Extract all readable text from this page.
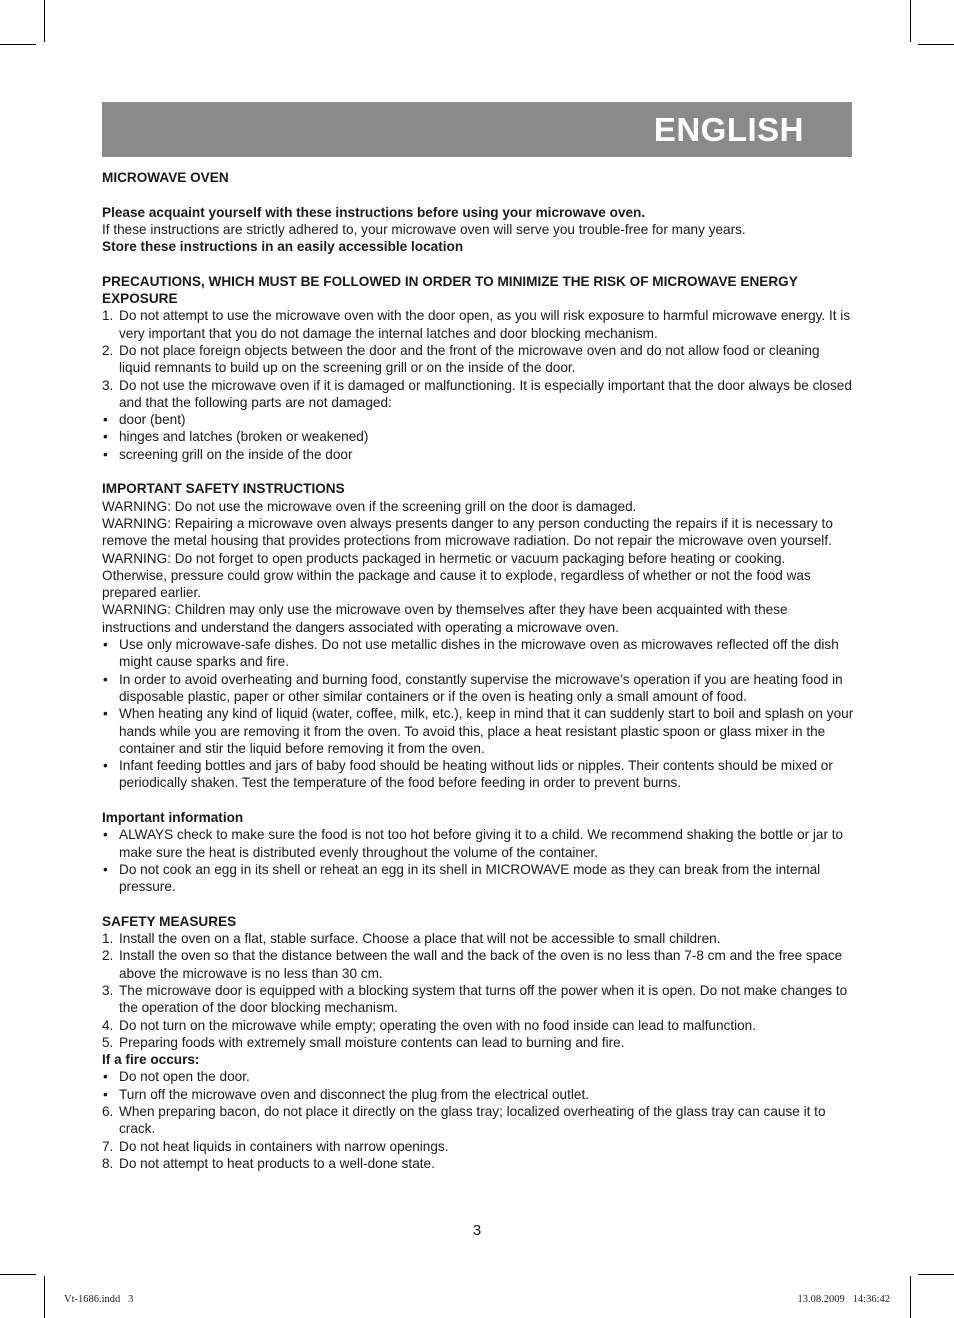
ENGLISH

MICROWAVE OVEN

Please acquaint yourself with these instructions before using your microwave oven.

If these instructions are strictly adhered to, your microwave oven will serve you trouble-free for many years.

Store these instructions in an easily accessible location

PRECAUTIONS, WHICH MUST BE FOLLOWED IN ORDER TO MINIMIZE THE RISK OF MICROWAVE ENERGY EXPOSURE

1. Do not attempt to use the microwave oven with the door open, as you will risk exposure to harmful microwave energy. It is very important that you do not damage the internal latches and door blocking mechanism.
2. Do not place foreign objects between the door and the front of the microwave oven and do not allow food or cleaning liquid remnants to build up on the screening grill or on the inside of the door.
3. Do not use the microwave oven if it is damaged or malfunctioning. It is especially important that the door always be closed and that the following parts are not damaged:
• door (bent)
• hinges and latches (broken or weakened)
• screening grill on the inside of the door

IMPORTANT SAFETY INSTRUCTIONS

WARNING: Do not use the microwave oven if the screening grill on the door is damaged.

WARNING: Repairing a microwave oven always presents danger to any person conducting the repairs if it is necessary to remove the metal housing that provides protections from microwave radiation. Do not repair the microwave oven yourself.

WARNING: Do not forget to open products packaged in hermetic or vacuum packaging before heating or cooking. Otherwise, pressure could grow within the package and cause it to explode, regardless of whether or not the food was prepared earlier.

WARNING: Children may only use the microwave oven by themselves after they have been acquainted with these instructions and understand the dangers associated with operating a microwave oven.

• Use only microwave-safe dishes. Do not use metallic dishes in the microwave oven as microwaves reflected off the dish might cause sparks and fire.
• In order to avoid overheating and burning food, constantly supervise the microwave’s operation if you are heating food in disposable plastic, paper or other similar containers or if the oven is heating only a small amount of food.
• When heating any kind of liquid (water, coffee, milk, etc.), keep in mind that it can suddenly start to boil and splash on your hands while you are removing it from the oven. To avoid this, place a heat resistant plastic spoon or glass mixer in the container and stir the liquid before removing it from the oven.
• Infant feeding bottles and jars of baby food should be heating without lids or nipples. Their contents should be mixed or periodically shaken. Test the temperature of the food before feeding in order to prevent burns.

Important information

• ALWAYS check to make sure the food is not too hot before giving it to a child. We recommend shaking the bottle or jar to make sure the heat is distributed evenly throughout the volume of the container.
• Do not cook an egg in its shell or reheat an egg in its shell in MICROWAVE mode as they can break from the internal pressure.

SAFETY MEASURES

1. Install the oven on a flat, stable surface. Choose a place that will not be accessible to small children.
2. Install the oven so that the distance between the wall and the back of the oven is no less than 7-8 cm and the free space above the microwave is no less than 30 cm.
3. The microwave door is equipped with a blocking system that turns off the power when it is open. Do not make changes to the operation of the door blocking mechanism.
4. Do not turn on the microwave while empty; operating the oven with no food inside can lead to malfunction.
5. Preparing foods with extremely small moisture contents can lead to burning and fire.

If a fire occurs:

• Do not open the door.
• Turn off the microwave oven and disconnect the plug from the electrical outlet.
6. When preparing bacon, do not place it directly on the glass tray; localized overheating of the glass tray can cause it to crack.
7. Do not heat liquids in containers with narrow openings.
8. Do not attempt to heat products to a well-done state.
3
Vt-1686.indd   3	13.08.2009   14:36:42
